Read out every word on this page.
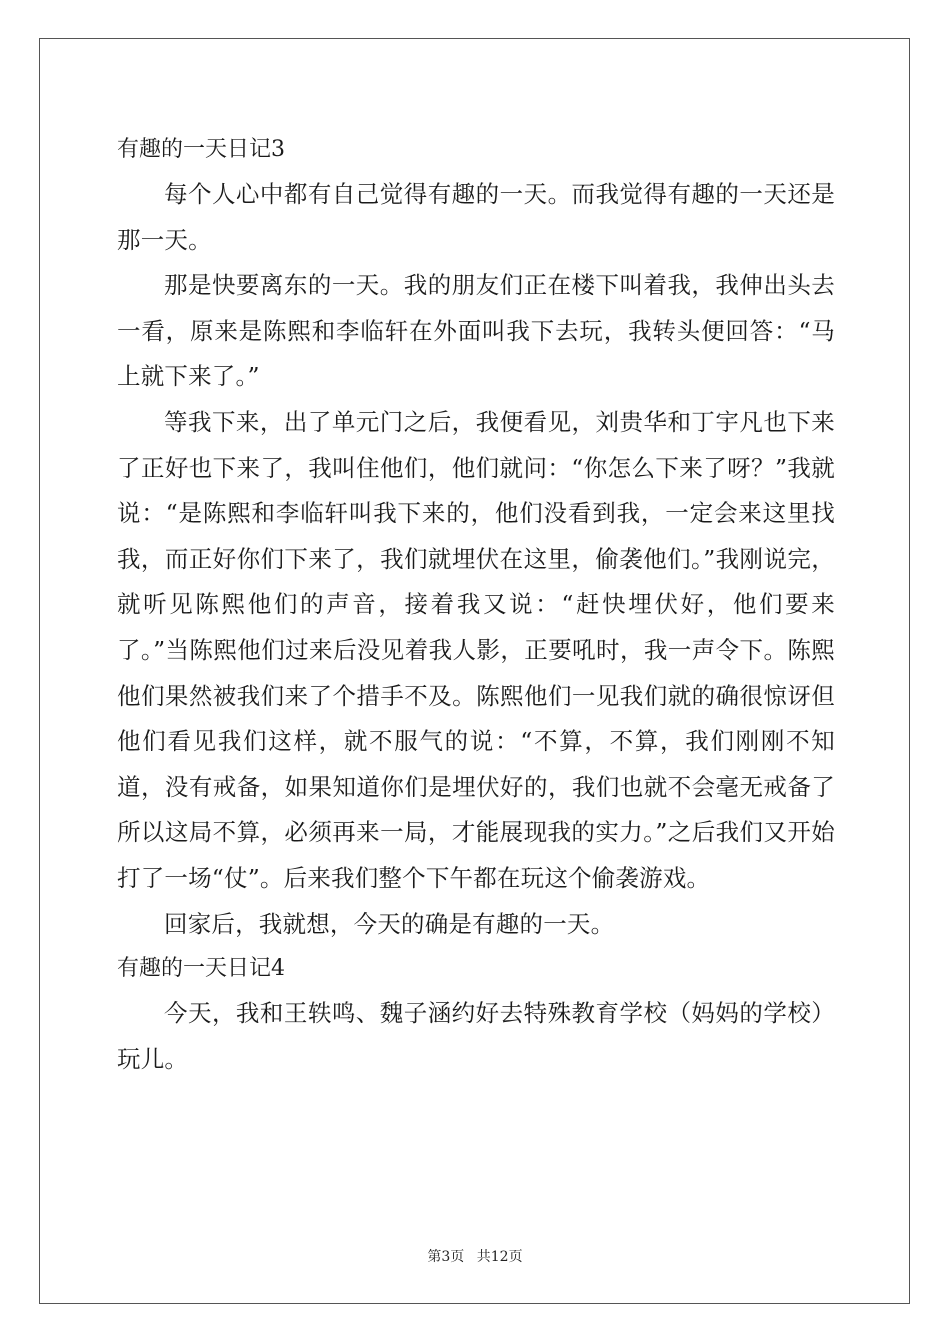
有趣的一天日记3

每个人心中都有自己觉得有趣的一天。而我觉得有趣的一天还是那一天。

那是快要离东的一天。我的朋友们正在楼下叫着我，我伸出头去一看，原来是陈熙和李临轩在外面叫我下去玩，我转头便回答：“马上就下来了。”

等我下来，出了单元门之后，我便看见，刘贵华和丁宇凡也下来了正好也下来了，我叫住他们，他们就问：“你怎么下来了呀？”我就说：“是陈熙和李临轩叫我下来的，他们没看到我，一定会来这里找我，而正好你们下来了，我们就埋伏在这里，偷袭他们。”我刚说完，就听见陈熙他们的声音，接着我又说：“赶快埋伏好，他们要来了。”当陈熙他们过来后没见着我人影，正要吼时，我一声令下。陈熙他们果然被我们来了个措手不及。陈熙他们一见我们就的确很惊讶但他们看见我们这样，就不服气的说：“不算，不算，我们刚刚不知道，没有戒备，如果知道你们是埋伏好的，我们也就不会毫无戒备了所以这局不算，必须再来一局，才能展现我的实力。”之后我们又开始打了一场“仗”。后来我们整个下午都在玩这个偷袭游戏。

回家后，我就想，今天的确是有趣的一天。

有趣的一天日记4

今天，我和王轶鸣、魏子涵约好去特殊教育学校（妈妈的学校）玩儿。

第3页 共12页
